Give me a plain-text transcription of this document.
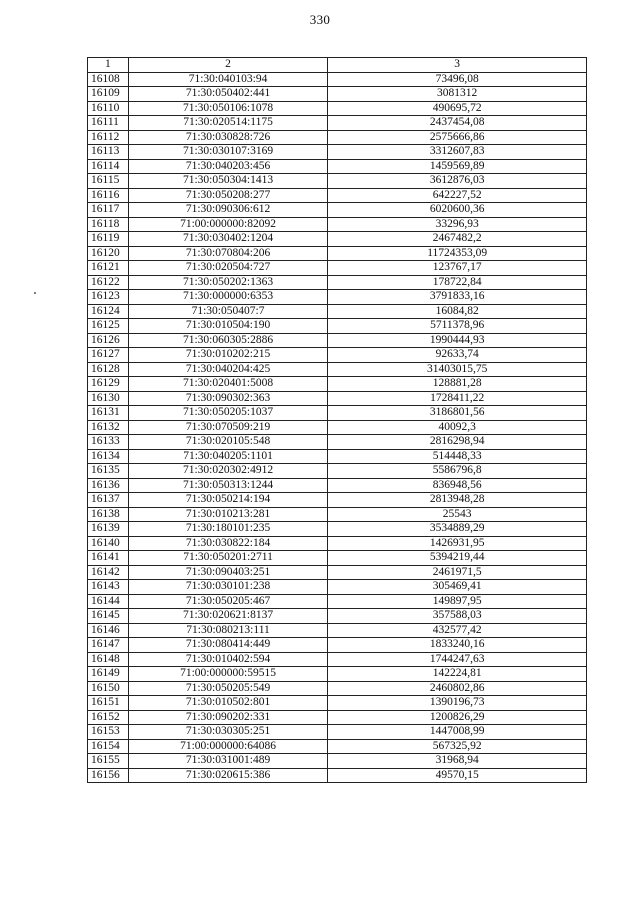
330
1	2	3
16108	71:30:040103:94	73496,08
16109	71:30:050402:441	3081312
16110	71:30:050106:1078	490695,72
16111	71:30:020514:1175	2437454,08
16112	71:30:030828:726	2575666,86
16113	71:30:030107:3169	3312607,83
16114	71:30:040203:456	1459569,89
16115	71:30:050304:1413	3612876,03
16116	71:30:050208:277	642227,52
16117	71:30:090306:612	6020600,36
16118	71:00:000000:82092	33296,93
16119	71:30:030402:1204	2467482,2
16120	71:30:070804:206	11724353,09
16121	71:30:020504:727	123767,17
16122	71:30:050202:1363	178722,84
16123	71:30:000000:6353	3791833,16
16124	71:30:050407:7	16084,82
16125	71:30:010504:190	5711378,96
16126	71:30:060305:2886	1990444,93
16127	71:30:010202:215	92633,74
16128	71:30:040204:425	31403015,75
16129	71:30:020401:5008	128881,28
16130	71:30:090302:363	1728411,22
16131	71:30:050205:1037	3186801,56
16132	71:30:070509:219	40092,3
16133	71:30:020105:548	2816298,94
16134	71:30:040205:1101	514448,33
16135	71:30:020302:4912	5586796,8
16136	71:30:050313:1244	836948,56
16137	71:30:050214:194	2813948,28
16138	71:30:010213:281	25543
16139	71:30:180101:235	3534889,29
16140	71:30:030822:184	1426931,95
16141	71:30:050201:2711	5394219,44
16142	71:30:090403:251	2461971,5
16143	71:30:030101:238	305469,41
16144	71:30:050205:467	149897,95
16145	71:30:020621:8137	357588,03
16146	71:30:080213:111	432577,42
16147	71:30:080414:449	1833240,16
16148	71:30:010402:594	1744247,63
16149	71:00:000000:59515	142224,81
16150	71:30:050205:549	2460802,86
16151	71:30:010502:801	1390196,73
16152	71:30:090202:331	1200826,29
16153	71:30:030305:251	1447008,99
16154	71:00:000000:64086	567325,92
16155	71:30:031001:489	31968,94
16156	71:30:020615:386	49570,15
